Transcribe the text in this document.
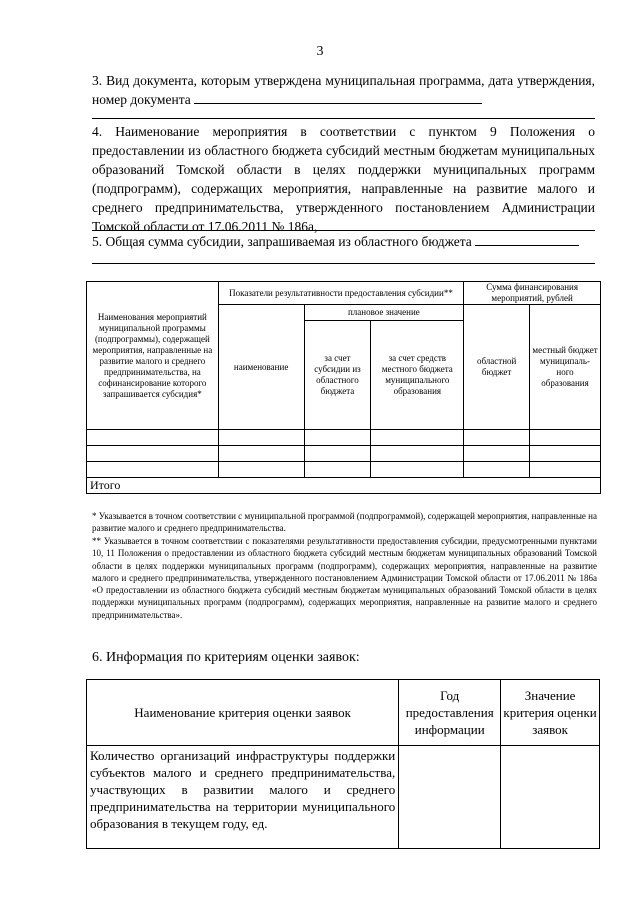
3
3. Вид документа, которым утверждена муниципальная программа, дата утверждения, номер документа
4. Наименование мероприятия в соответствии с пунктом 9 Положения о предоставлении из областного бюджета субсидий местным бюджетам муниципальных образований Томской области в целях поддержки муниципальных программ (подпрограмм), содержащих мероприятия, направленные на развитие малого и среднего предпринимательства, утвержденного постановлением Администрации Томской области от 17.06.2011 № 186а,
5. Общая сумма субсидии, запрашиваемая из областного бюджета
Наименования мероприятий муниципальной программы (подпрограммы), содержащей мероприятия, направленные на развитие малого и среднего предпринимательства, на софинансирование которого запрашивается субсидия*	Показатели результативности предоставления субсидии**			Сумма финансирования мероприятий, рублей	
	наименование	плановое значение		областной бюджет	местный бюджет муниципаль-ного образования
		за счет субсидии из областного бюджета	за счет средств местного бюджета муниципального образования		

Итого					
* Указывается в точном соответствии с муниципальной программой (подпрограммой), содержащей мероприятия, направленные на развитие малого и среднего предпринимательства.
** Указывается в точном соответствии с показателями результативности предоставления субсидии, предусмотренными пунктами 10, 11 Положения о предоставлении из областного бюджета субсидий местным бюджетам муниципальных образований Томской области в целях поддержки муниципальных программ (подпрограмм), содержащих мероприятия, направленные на развитие малого и среднего предпринимательства, утвержденного постановлением Администрации Томской области от 17.06.2011 № 186а «О предоставлении из областного бюджета субсидий местным бюджетам муниципальных образований Томской области в целях поддержки муниципальных программ (подпрограмм), содержащих мероприятия, направленные на развитие малого и среднего предпринимательства».
6. Информация по критериям оценки заявок:
Наименование критерия оценки заявок	Год предоставления информации	Значение критерия оценки заявок
Количество организаций инфраструктуры поддержки субъектов малого и среднего предпринимательства, участвующих в развитии малого и среднего предпринимательства на территории муниципального образования в текущем году, ед.		
